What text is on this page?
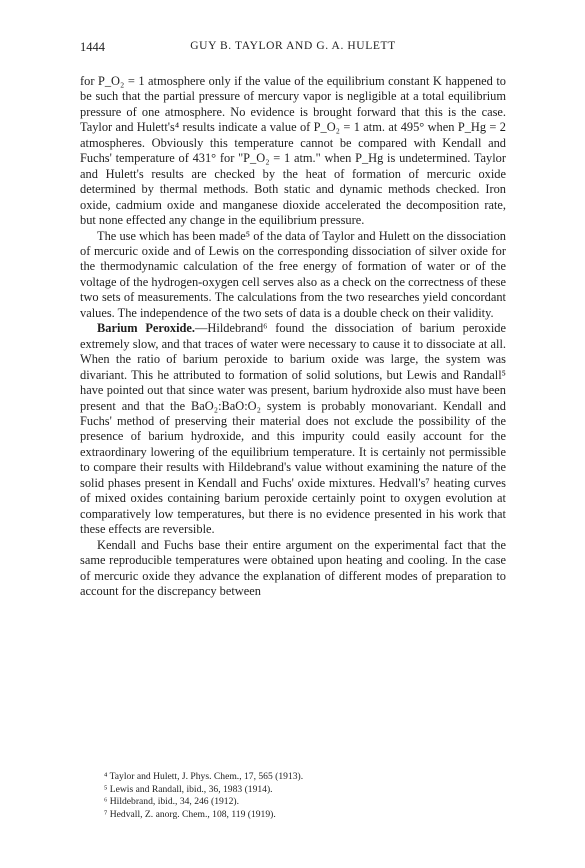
1444	GUY B. TAYLOR AND G. A. HULETT

for P_O₂ = 1 atmosphere only if the value of the equilibrium constant K happened to be such that the partial pressure of mercury vapor is negligible at a total equilibrium pressure of one atmosphere. No evidence is brought forward that this is the case. Taylor and Hulett's⁴ results indicate a value of P_O₂ = 1 atm. at 495° when P_Hg = 2 atmospheres. Obviously this temperature cannot be compared with Kendall and Fuchs' temperature of 431° for "P_O₂ = 1 atm." when P_Hg is undetermined. Taylor and Hulett's results are checked by the heat of formation of mercuric oxide determined by thermal methods. Both static and dynamic methods checked. Iron oxide, cadmium oxide and manganese dioxide accelerated the decomposition rate, but none effected any change in the equilibrium pressure.

The use which has been made⁵ of the data of Taylor and Hulett on the dissociation of mercuric oxide and of Lewis on the corresponding dissociation of silver oxide for the thermodynamic calculation of the free energy of formation of water or of the voltage of the hydrogen-oxygen cell serves also as a check on the correctness of these two sets of measurements. The calculations from the two researches yield concordant values. The independence of the two sets of data is a double check on their validity.

Barium Peroxide.—Hildebrand⁶ found the dissociation of barium peroxide extremely slow, and that traces of water were necessary to cause it to dissociate at all. When the ratio of barium peroxide to barium oxide was large, the system was divariant. This he attributed to formation of solid solutions, but Lewis and Randall⁵ have pointed out that since water was present, barium hydroxide also must have been present and that the BaO₂:BaO:O₂ system is probably monovariant. Kendall and Fuchs' method of preserving their material does not exclude the possibility of the presence of barium hydroxide, and this impurity could easily account for the extraordinary lowering of the equilibrium temperature. It is certainly not permissible to compare their results with Hildebrand's value without examining the nature of the solid phases present in Kendall and Fuchs' oxide mixtures. Hedvall's⁷ heating curves of mixed oxides containing barium peroxide certainly point to oxygen evolution at comparatively low temperatures, but there is no evidence presented in his work that these effects are reversible.

Kendall and Fuchs base their entire argument on the experimental fact that the same reproducible temperatures were obtained upon heating and cooling. In the case of mercuric oxide they advance the explanation of different modes of preparation to account for the discrepancy between

⁴ Taylor and Hulett, J. Phys. Chem., 17, 565 (1913).
⁵ Lewis and Randall, ibid., 36, 1983 (1914).
⁶ Hildebrand, ibid., 34, 246 (1912).
⁷ Hedvall, Z. anorg. Chem., 108, 119 (1919).
